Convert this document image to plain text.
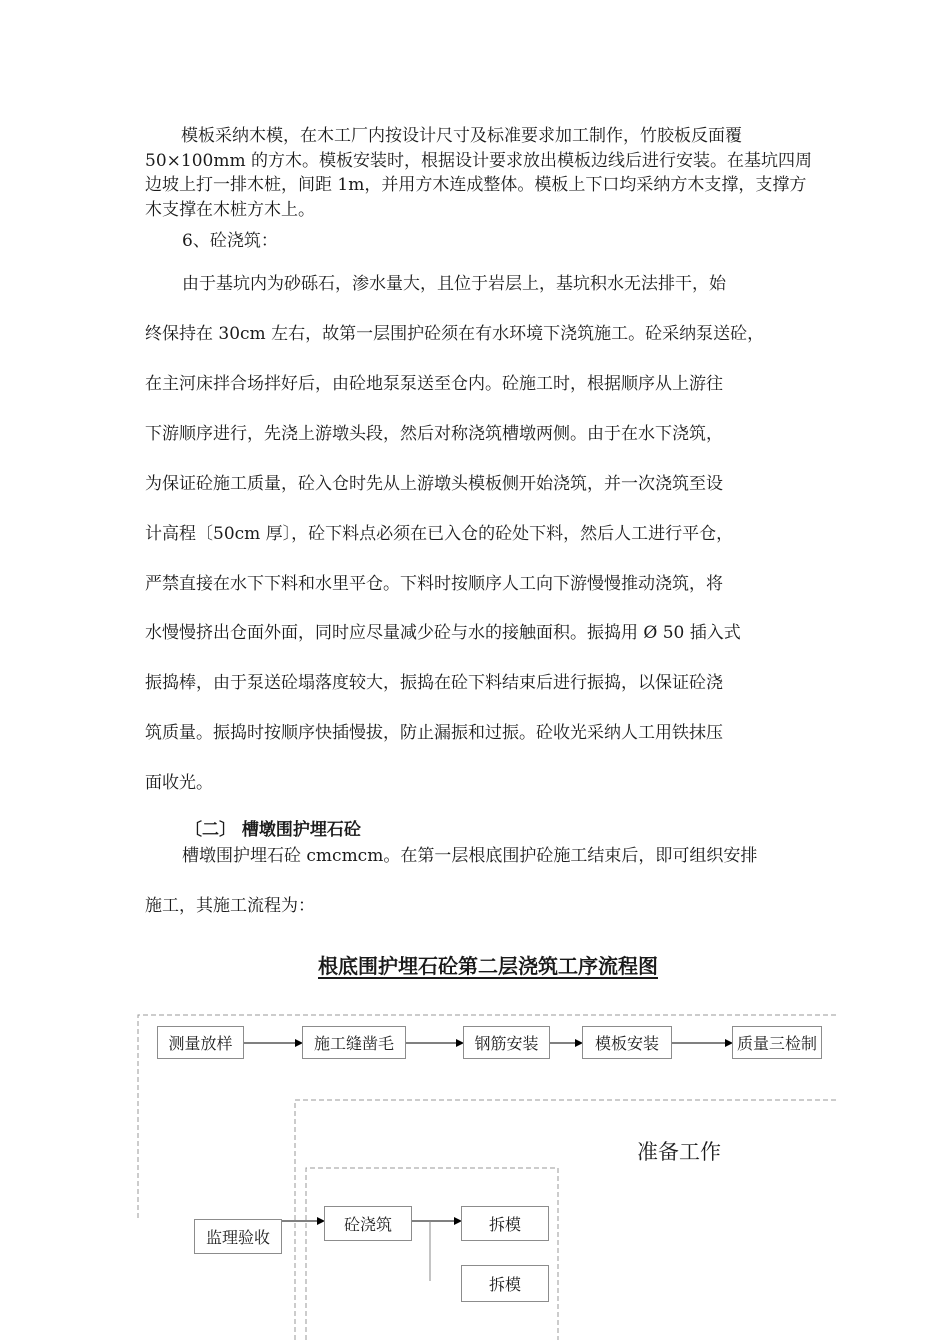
模板采纳木模，在木工厂内按设计尺寸及标准要求加工制作，竹胶板反面覆 50×100mm 的方木。模板安装时，根据设计要求放出模板边线后进行安装。在基坑四周边坡上打一排木桩，间距 1m，并用方木连成整体。模板上下口均采纳方木支撑，支撑方木支撑在木桩方木上。

6、砼浇筑：

由于基坑内为砂砾石，渗水量大，且位于岩层上，基坑积水无法排干，始

终保持在 30cm 左右，故第一层围护砼须在有水环境下浇筑施工。砼采纳泵送砼，

在主河床拌合场拌好后，由砼地泵泵送至仓内。砼施工时，根据顺序从上游往

下游顺序进行，先浇上游墩头段，然后对称浇筑槽墩两侧。由于在水下浇筑，

为保证砼施工质量，砼入仓时先从上游墩头模板侧开始浇筑，并一次浇筑至设

计高程〔50cm 厚〕，砼下料点必须在已入仓的砼处下料，然后人工进行平仓，

严禁直接在水下下料和水里平仓。下料时按顺序人工向下游慢慢推动浇筑，将

水慢慢挤出仓面外面，同时应尽量减少砼与水的接触面积。振捣用 Ø 50 插入式

振捣棒，由于泵送砼塌落度较大，振捣在砼下料结束后进行振捣，以保证砼浇

筑质量。振捣时按顺序快插慢拔，防止漏振和过振。砼收光采纳人工用铁抹压

面收光。

〔二〕 槽墩围护埋石砼

槽墩围护埋石砼 cmcmcm。在第一层根底围护砼施工结束后，即可组织安排

施工，其施工流程为：

根底围护埋石砼第二层浇筑工序流程图
测量放样	施工缝凿毛	钢筋安装	模板安装	质量三检制
准备工作
监理验收
砼浇筑	拆模
拆模
